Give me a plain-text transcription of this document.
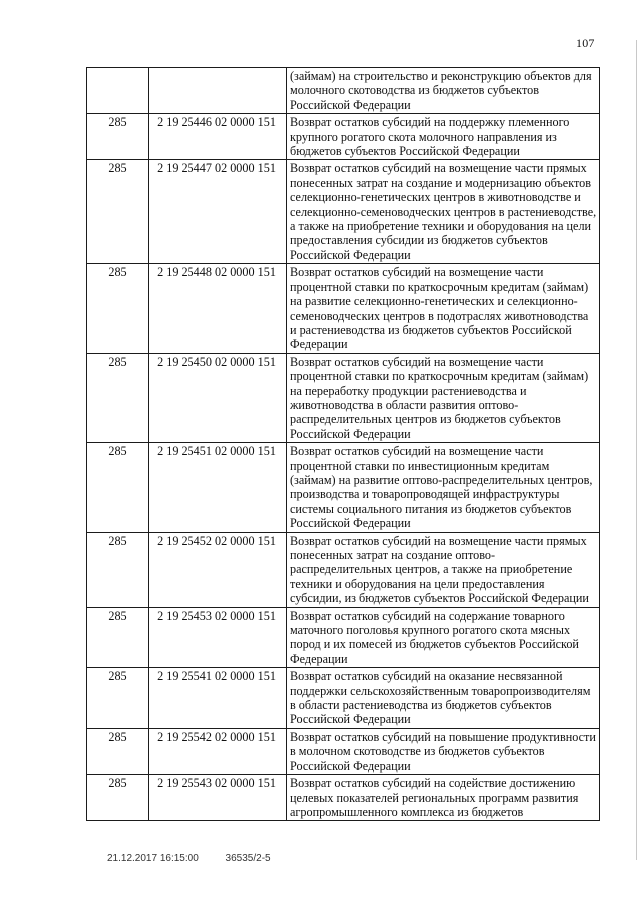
107
		(займам) на строительство и реконструкцию объектов для молочного скотоводства из бюджетов субъектов Российской Федерации
285	2 19 25446 02 0000 151	Возврат остатков субсидий на поддержку племенного крупного рогатого скота молочного направления из бюджетов субъектов Российской Федерации
285	2 19 25447 02 0000 151	Возврат остатков субсидий на возмещение части прямых понесенных затрат на создание и модернизацию объектов селекционно-генетических центров в животноводстве и селекционно-семеноводческих центров в растениеводстве, а также на приобретение техники и оборудования на цели предоставления субсидии из бюджетов субъектов Российской Федерации
285	2 19 25448 02 0000 151	Возврат остатков субсидий на возмещение части процентной ставки по краткосрочным кредитам (займам) на развитие селекционно-генетических и селекционно-семеноводческих центров в подотраслях животноводства и растениеводства из бюджетов субъектов Российской Федерации
285	2 19 25450 02 0000 151	Возврат остатков субсидий на возмещение части процентной ставки по краткосрочным кредитам (займам) на переработку продукции растениеводства и животноводства в области развития оптово-распределительных центров из бюджетов субъектов Российской Федерации
285	2 19 25451 02 0000 151	Возврат остатков субсидий на возмещение части процентной ставки по инвестиционным кредитам (займам) на развитие оптово-распределительных центров, производства и товаропроводящей инфраструктуры системы социального питания из бюджетов субъектов Российской Федерации
285	2 19 25452 02 0000 151	Возврат остатков субсидий на возмещение части прямых понесенных затрат на создание оптово-распределительных центров, а также на приобретение техники и оборудования на цели предоставления субсидии, из бюджетов субъектов Российской Федерации
285	2 19 25453 02 0000 151	Возврат остатков субсидий на содержание товарного маточного поголовья крупного рогатого скота мясных пород и их помесей из бюджетов субъектов Российской Федерации
285	2 19 25541 02 0000 151	Возврат остатков субсидий на оказание несвязанной поддержки сельскохозяйственным товаропроизводителям в области растениеводства из бюджетов субъектов Российской Федерации
285	2 19 25542 02 0000 151	Возврат остатков субсидий на повышение продуктивности в молочном скотоводстве из бюджетов субъектов Российской Федерации
285	2 19 25543 02 0000 151	Возврат остатков субсидий на содействие достижению целевых показателей региональных программ развития агропромышленного комплекса из бюджетов
21.12.2017 16:15:00	36535/2-5
